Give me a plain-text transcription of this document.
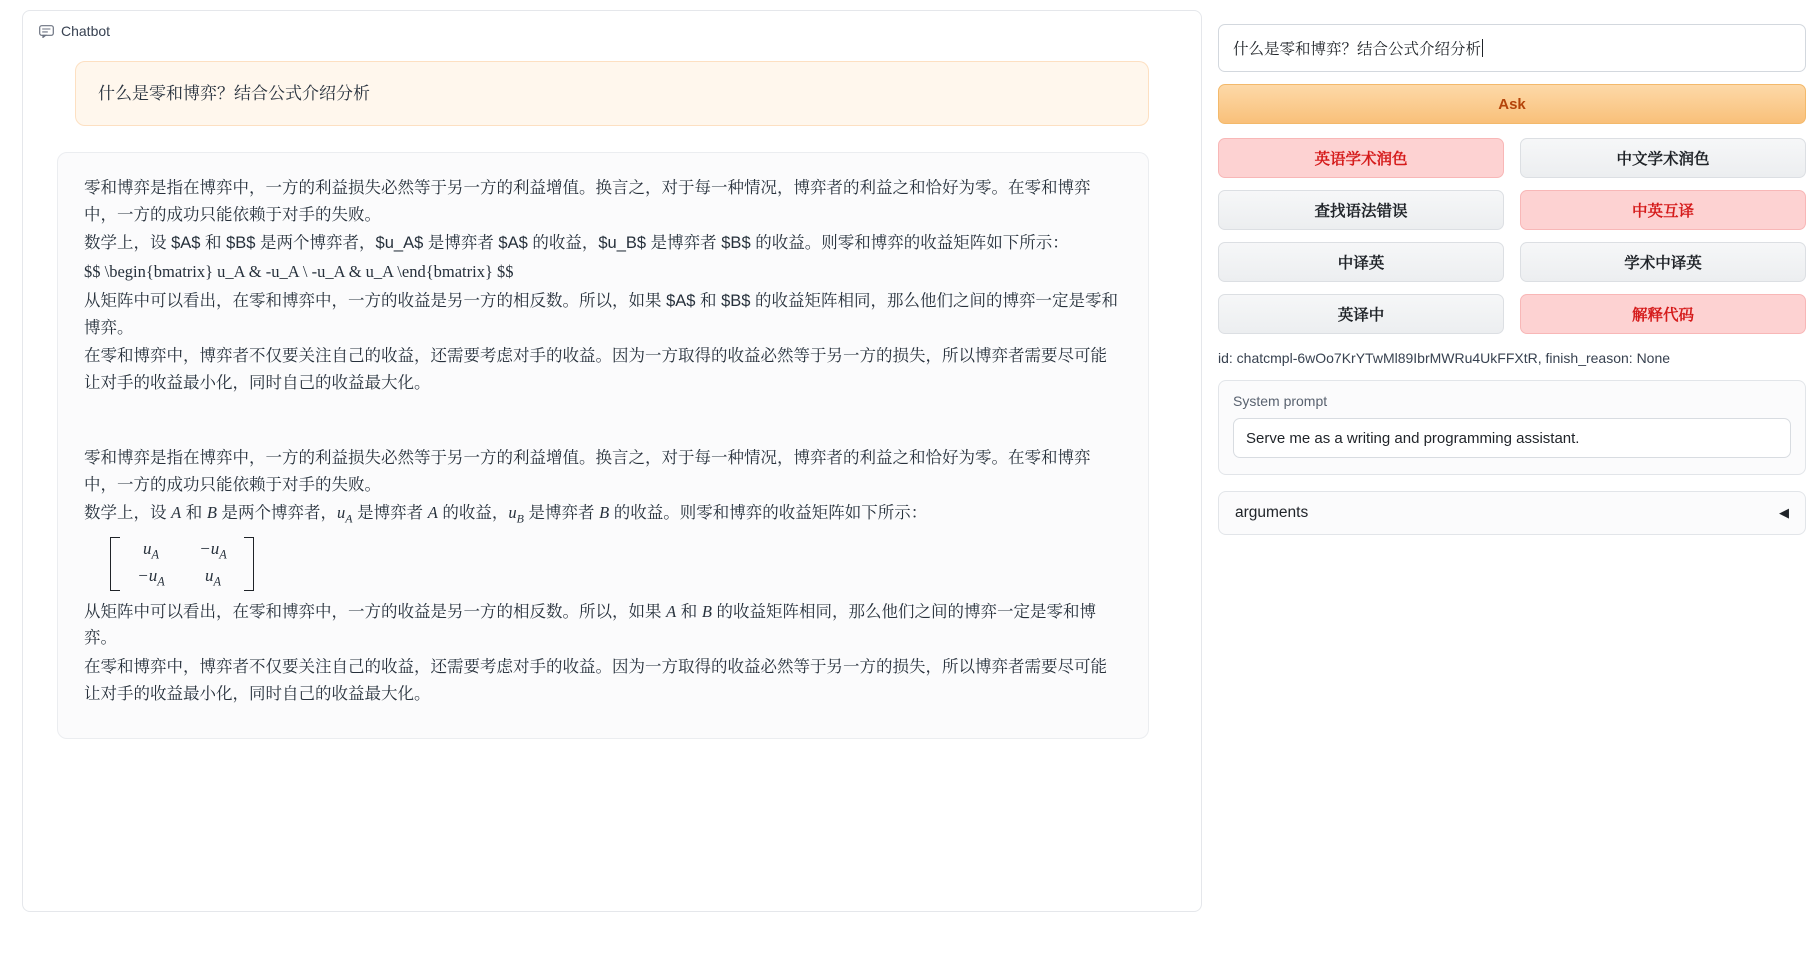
Chatbot
什么是零和博弈？结合公式介绍分析

零和博弈是指在博弈中，一方的利益损失必然等于另一方的利益增值。换言之，对于每一种情况，博弈者的利益之和恰好为零。在零和博弈中，一方的成功只能依赖于对手的失败。

数学上，设 $A$ 和 $B$ 是两个博弈者，$u_A$ 是博弈者 $A$ 的收益，$u_B$ 是博弈者 $B$ 的收益。则零和博弈的收益矩阵如下所示：

$$ \begin{bmatrix} u_A & -u_A \ -u_A & u_A \end{bmatrix} $$

从矩阵中可以看出，在零和博弈中，一方的收益是另一方的相反数。所以，如果 $A$ 和 $B$ 的收益矩阵相同，那么他们之间的博弈一定是零和博弈。

在零和博弈中，博弈者不仅要关注自己的收益，还需要考虑对手的收益。因为一方取得的收益必然等于另一方的损失，所以博弈者需要尽可能让对手的收益最小化，同时自己的收益最大化。

零和博弈是指在博弈中，一方的利益损失必然等于另一方的利益增值。换言之，对于每一种情况，博弈者的利益之和恰好为零。在零和博弈中，一方的成功只能依赖于对手的失败。

数学上，设 A 和 B 是两个博弈者，$u_A$ 是博弈者 A 的收益，$u_B$ 是博弈者 B 的收益。则零和博弈的收益矩阵如下所示：

$u_A -u_A$
$-u_A$ $u_A$

从矩阵中可以看出，在零和博弈中，一方的收益是另一方的相反数。所以，如果 A 和 B 的收益矩阵相同，那么他们之间的博弈一定是零和博弈。

在零和博弈中，博弈者不仅要关注自己的收益，还需要考虑对手的收益。因为一方取得的收益必然等于另一方的损失，所以博弈者需要尽可能让对手的收益最小化，同时自己的收益最大化。

什么是零和博弈？结合公式介绍分析
Ask
英语学术润色	中文学术润色
查找语法错误	中英互译
中译英	学术中译英
英译中	解释代码
id: chatcmpl-6wOo7KrYTwMl89IbrMWRu4UkFFXtR, finish_reason: None
System prompt
Serve me as a writing and programming assistant.
arguments	◀
